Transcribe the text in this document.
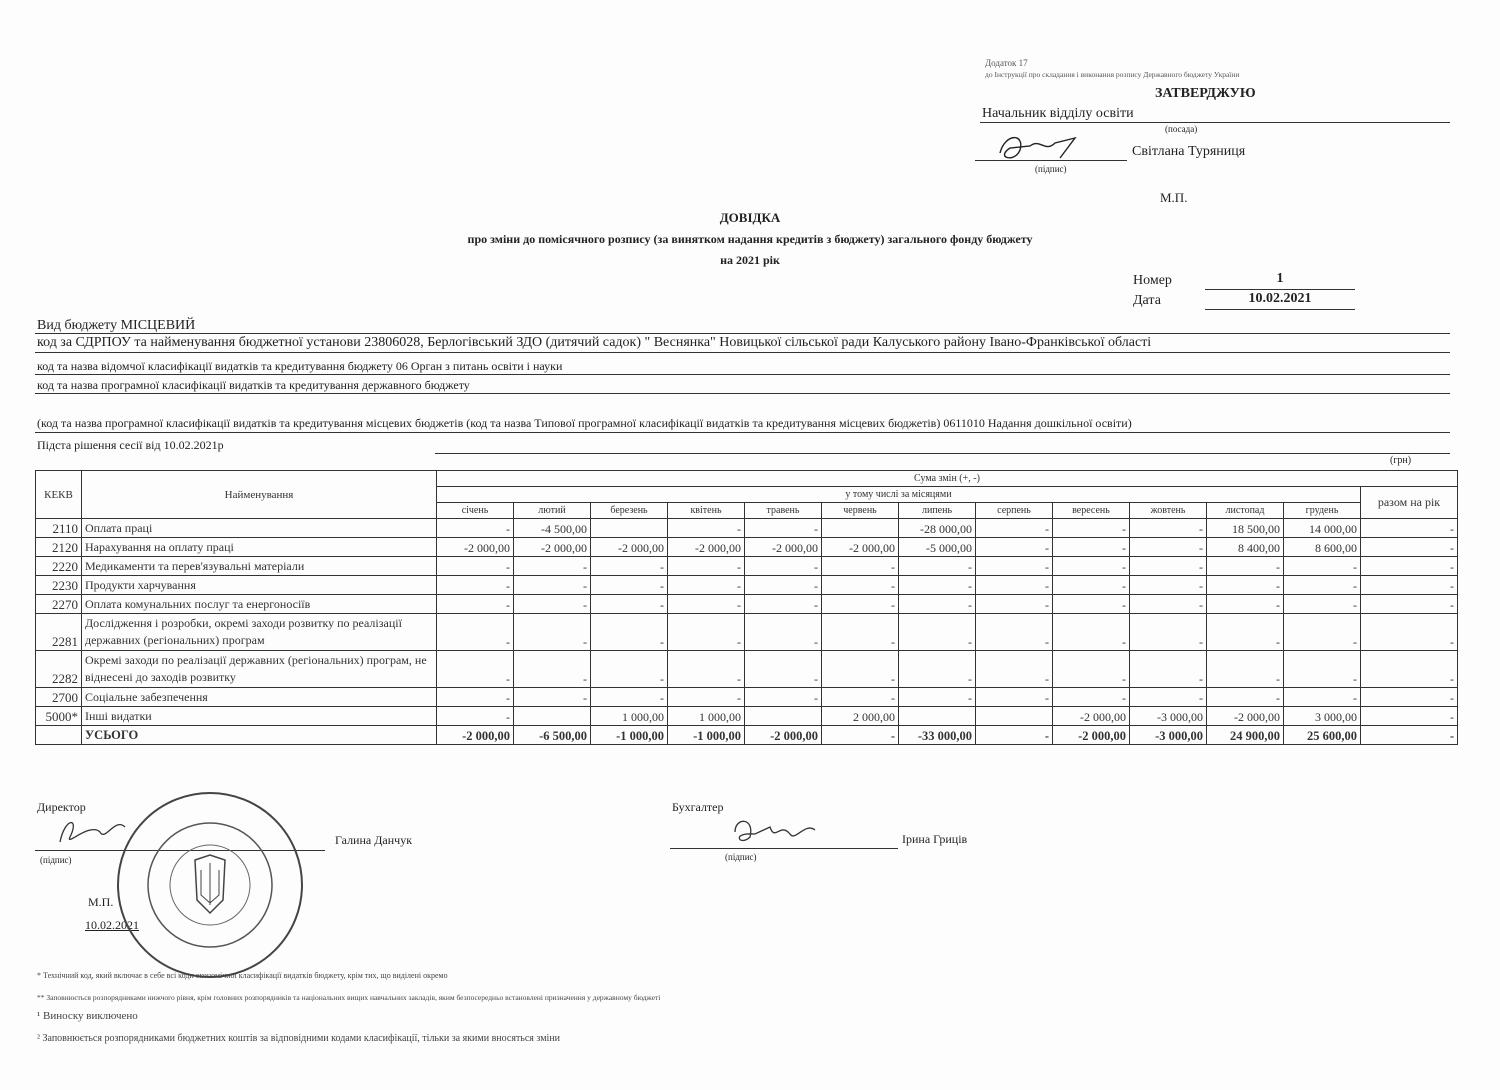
Додаток 17
до Інструкції про складання і виконання розпису Державного бюджету України
ЗАТВЕРДЖУЮ
Начальник відділу освіти
(посада)
Світлана Туряниця
(підпис)
М.П.
ДОВІДКА
про зміни до помісячного розпису (за винятком надання кредитів з бюджету) загального фонду бюджету
на 2021 рік
Номер	1
Дата	10.02.2021
Вид бюджету МІСЦЕВИЙ
код за СДРПОУ та найменування бюджетної установи 23806028, Берлогівський ЗДО (дитячий садок) " Веснянка" Новицької сільської ради Калуського району Івано-Франківської області
код та назва відомчої класифікації видатків та кредитування бюджету 06 Орган з питань освіти і науки
код та назва програмної класифікації видатків та кредитування державного бюджету
(код та назва програмної класифікації видатків та кредитування місцевих бюджетів (код та назва Типової програмної класифікації видатків та кредитування місцевих бюджетів) 0611010 Надання дошкільної освіти)
Підста рішення сесії від 10.02.2021р
(грн)
КЕКВ	Найменування	Сума змін (+, -)												
		у тому числі за місяцями												разом на рік
		січень	лютий	березень	квітень	травень	червень	липень	серпень	вересень	жовтень	листопад	грудень	
2110	Оплата праці	-	-4 500,00		-	-		-28 000,00	-	-	-	18 500,00	14 000,00	-
2120	Нарахування на оплату праці	-2 000,00	-2 000,00	-2 000,00	-2 000,00	-2 000,00	-2 000,00	-5 000,00	-	-	-	8 400,00	8 600,00	-
2220	Медикаменти та перев'язувальні матеріали	-	-	-	-	-	-	-	-	-	-	-	-	-
2230	Продукти харчування	-	-	-	-	-	-	-	-	-	-	-	-	-
2270	Оплата комунальних послуг та енергоносіїв	-	-	-	-	-	-	-	-	-	-	-	-	-
2281	Дослідження і розробки, окремі заходи розвитку по реалізації державних (регіональних) програм	-	-	-	-	-	-	-	-	-	-	-	-	-
2282	Окремі заходи по реалізації державних (регіональних) програм, не віднесені до заходів розвитку	-	-	-	-	-	-	-	-	-	-	-	-	-
2700	Соціальне забезпечення	-	-	-	-	-	-	-	-	-	-	-	-	-
5000*	Інші видатки	-		1 000,00	1 000,00		2 000,00			-2 000,00	-3 000,00	-2 000,00	3 000,00	-
	УСЬОГО	-2 000,00	-6 500,00	-1 000,00	-1 000,00	-2 000,00	-	-33 000,00	-	-2 000,00	-3 000,00	24 900,00	25 600,00	-
Директор
(підпис)
Галина Данчук
М.П.
10.02.2021
Бухгалтер
(підпис)
Ірина Гриців
* Технічний код, який включає в себе всі коди економічної класифікації видатків бюджету, крім тих, що виділені окремо
** Заповнюється розпорядниками нижчого рівня, крім головних розпорядників та національних вищих навчальних закладів, яким безпосередньо встановлені призначення у державному бюджеті
¹ Виноску виключено
² Заповнюється розпорядниками бюджетних коштів за відповідними кодами класифікації, тільки за якими вносяться зміни
